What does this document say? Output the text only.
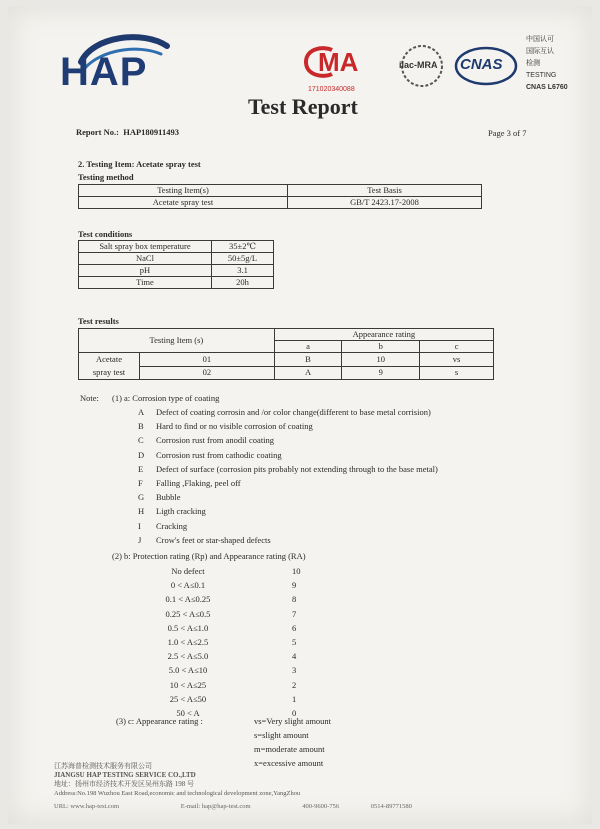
HAP	MA
171020340088
ilac-MRA CNAS
中国认可
国际互认
检测
TESTING
CNAS L6760
Test Report
Report No.: HAP180911493	Page 3 of 7
2. Testing Item: Acetate spray test
Testing method
Testing Item(s)	Test Basis
Acetate spray test	GB/T 2423.17-2008
Test conditions
Salt spray box temperature	35±2℃
NaCl	50±5g/L
pH	3.1
Time	20h
Test results
Testing Item (s)		Appearance rating		
		a	b	c

Acetate
spray test	01	B	10	vs
	02	A	9	s
Note: (1) a: Corrosion type of coating
A Defect of coating corrosin and /or color change(different to base metal corrision)
B Hard to find or no visible corrosion of coating
C Corrosion rust from anodil coating
D Corrosion rust from cathodic coating
E Defect of surface (corrosion pits probably not extending through to the base metal)
F Falling ,Flaking, peel off
G Bubble
H Ligth cracking
I Cracking
J Crow's feet or star-shaped defects
(2) b: Protection rating (Rp) and Appearance rating (RA)
No defect	10
0 < A≤0.1	9
0.1 < A≤0.25	8
0.25 < A≤0.5	7
0.5 < A≤1.0	6
1.0 < A≤2.5	5
2.5 < A≤5.0	4
5.0 < A≤10	3
10 < A≤25	2
25 < A≤50	1
50 < A	0
(3) c: Appearance rating :	vs=Very slight amount
s=slight amount
m=moderate amount
x=excessive amount
江苏海普检测技术服务有限公司
JIANGSU HAP TESTING SERVICE CO.,LTD
地址：扬州市经济技术开发区吴州东路 198 号
Address:No.198 Wuzhou East Road,economic and technological development zone,YangZhou
URL: www.hap-test.com	E-mail: hap@hap-test.com	400-9600-756	0514-89771580
